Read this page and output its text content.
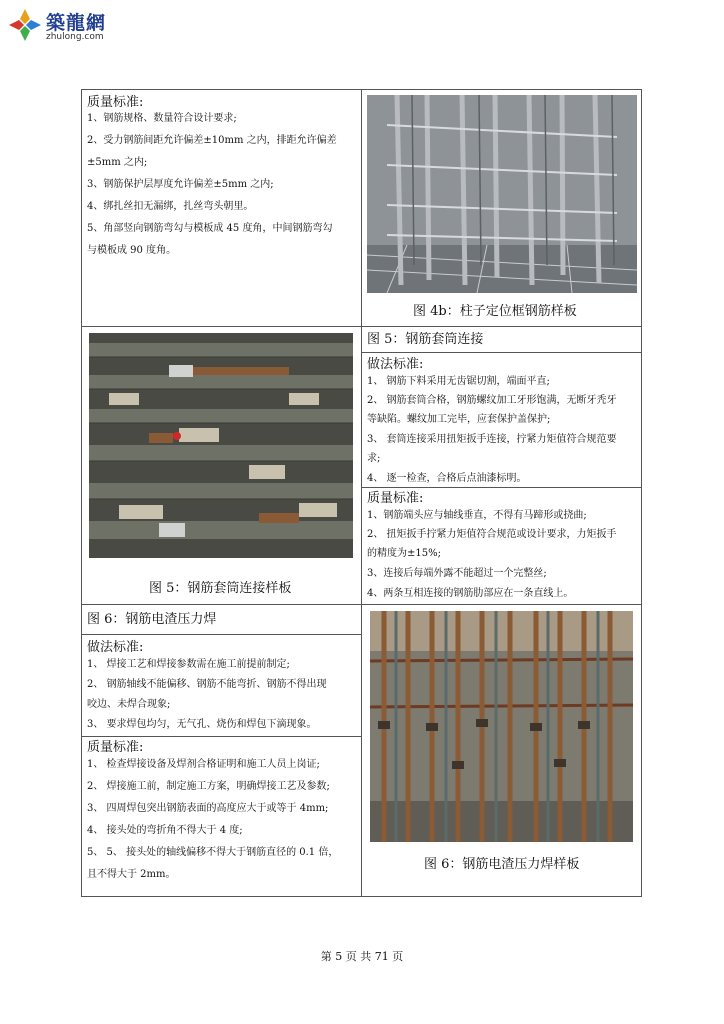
築龍網
zhulong.com
质量标准:
1、钢筋规格、数量符合设计要求;
2、受力钢筋间距允许偏差±10mm 之内，排距允许偏差
±5mm 之内;
3、钢筋保护层厚度允许偏差±5mm 之内;
4、绑扎丝扣无漏绑，扎丝弯头朝里。
5、角部竖向钢筋弯勾与模板成 45 度角，中间钢筋弯勾
与模板成 90 度角。
图 4b：柱子定位框钢筋样板
图 5：钢筋套筒连接样板
图 5：钢筋套筒连接
做法标准:
1、 钢筋下料采用无齿锯切割，端面平直;
2、 钢筋套筒合格，钢筋螺纹加工牙形饱满，无断牙秃牙
等缺陷。螺纹加工完毕，应套保护盖保护;
3、 套筒连接采用扭矩扳手连接，拧紧力矩值符合规范要
求;
4、 逐一检查，合格后点油漆标明。
质量标准:
1、钢筋端头应与轴线垂直，不得有马蹄形或挠曲;
2、 扭矩扳手拧紧力矩值符合规范或设计要求，力矩扳手
的精度为±15%;
3、连接后每端外露不能超过一个完整丝;
4、两条互相连接的钢筋肋部应在一条直线上。
图 6：钢筋电渣压力焊
做法标准:
1、 焊接工艺和焊接参数需在施工前提前制定;
2、 钢筋轴线不能偏移、钢筋不能弯折、钢筋不得出现
咬边、未焊合现象;
3、 要求焊包均匀，无气孔、烧伤和焊包下滴现象。
质量标准:
1、 检查焊接设备及焊剂合格证明和施工人员上岗证;
2、 焊接施工前，制定施工方案，明确焊接工艺及参数;
3、 四周焊包突出钢筋表面的高度应大于或等于 4mm;
4、 接头处的弯折角不得大于 4 度;
5、 5、 接头处的轴线偏移不得大于钢筋直径的 0.1 倍，
且不得大于 2mm。
图 6：钢筋电渣压力焊样板
第 5 页 共 71 页
